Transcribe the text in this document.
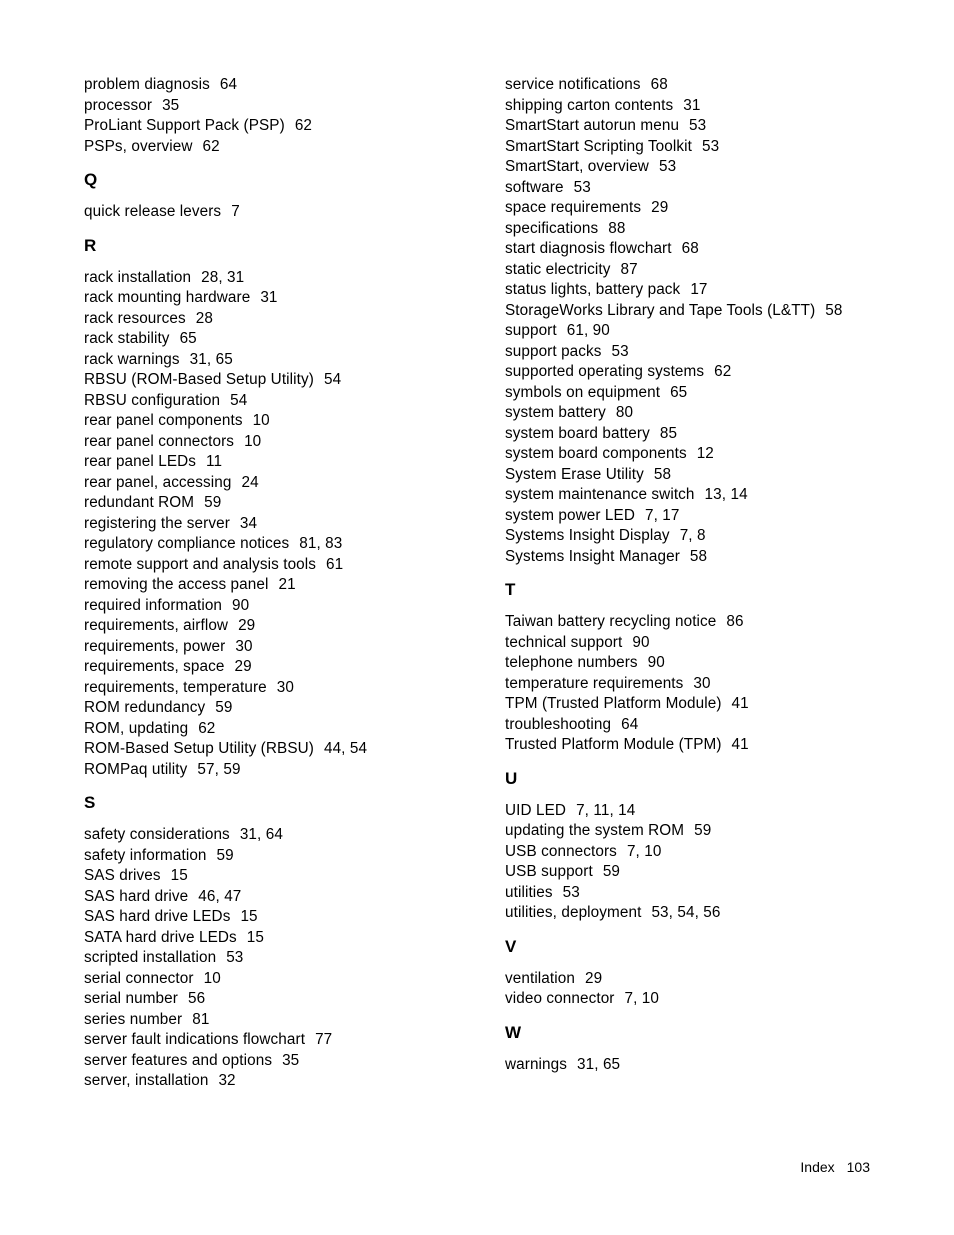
problem diagnosis 64
processor 35
ProLiant Support Pack (PSP) 62
PSPs, overview 62
Q
quick release levers 7
R
rack installation 28, 31
rack mounting hardware 31
rack resources 28
rack stability 65
rack warnings 31, 65
RBSU (ROM-Based Setup Utility) 54
RBSU configuration 54
rear panel components 10
rear panel connectors 10
rear panel LEDs 11
rear panel, accessing 24
redundant ROM 59
registering the server 34
regulatory compliance notices 81, 83
remote support and analysis tools 61
removing the access panel 21
required information 90
requirements, airflow 29
requirements, power 30
requirements, space 29
requirements, temperature 30
ROM redundancy 59
ROM, updating 62
ROM-Based Setup Utility (RBSU) 44, 54
ROMPaq utility 57, 59
S
safety considerations 31, 64
safety information 59
SAS drives 15
SAS hard drive 46, 47
SAS hard drive LEDs 15
SATA hard drive LEDs 15
scripted installation 53
serial connector 10
serial number 56
series number 81
server fault indications flowchart 77
server features and options 35
server, installation 32
service notifications 68
shipping carton contents 31
SmartStart autorun menu 53
SmartStart Scripting Toolkit 53
SmartStart, overview 53
software 53
space requirements 29
specifications 88
start diagnosis flowchart 68
static electricity 87
status lights, battery pack 17
StorageWorks Library and Tape Tools (L&TT) 58
support 61, 90
support packs 53
supported operating systems 62
symbols on equipment 65
system battery 80
system board battery 85
system board components 12
System Erase Utility 58
system maintenance switch 13, 14
system power LED 7, 17
Systems Insight Display 7, 8
Systems Insight Manager 58
T
Taiwan battery recycling notice 86
technical support 90
telephone numbers 90
temperature requirements 30
TPM (Trusted Platform Module) 41
troubleshooting 64
Trusted Platform Module (TPM) 41
U
UID LED 7, 11, 14
updating the system ROM 59
USB connectors 7, 10
USB support 59
utilities 53
utilities, deployment 53, 54, 56
V
ventilation 29
video connector 7, 10
W
warnings 31, 65
Index 103
